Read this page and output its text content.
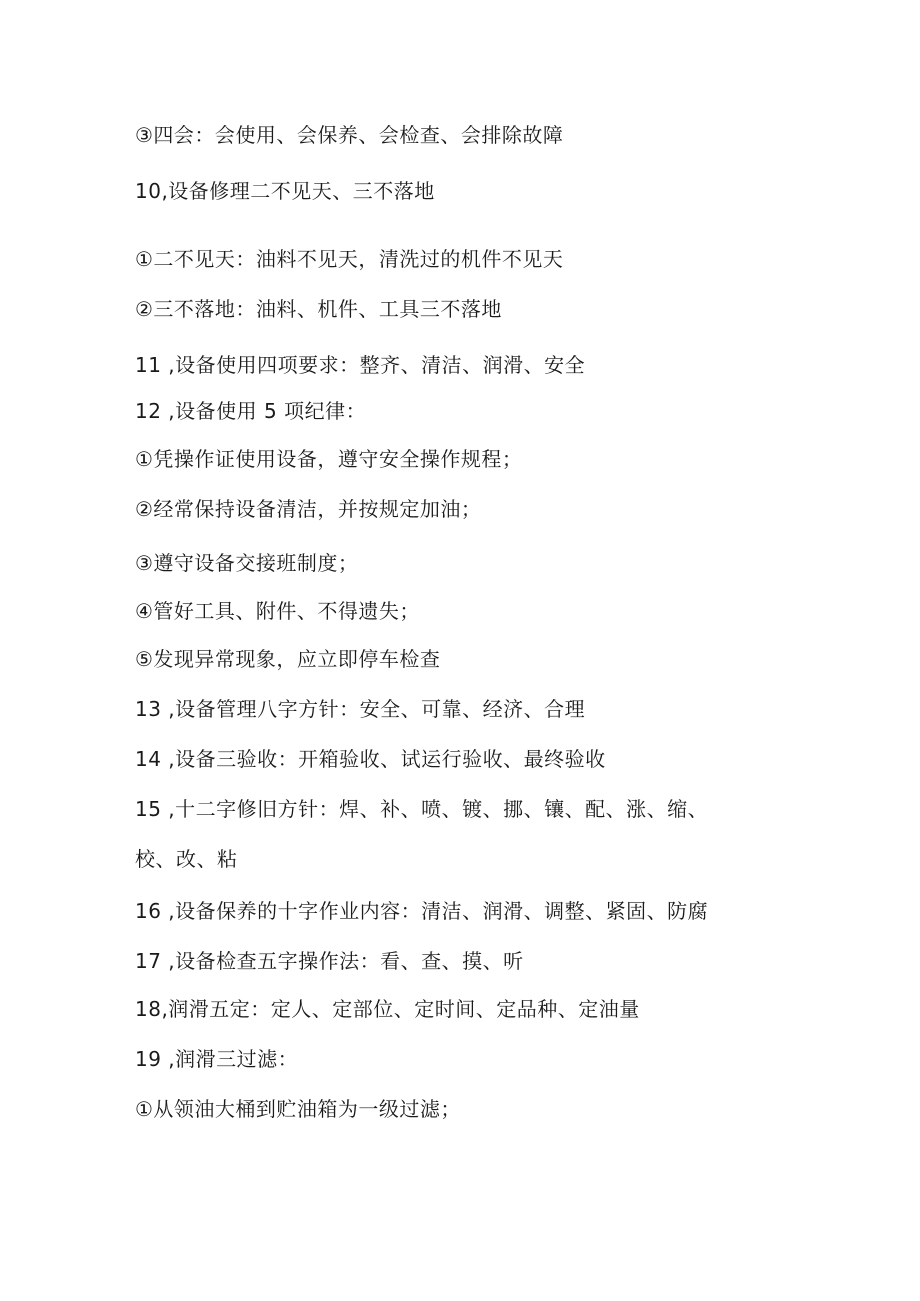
③四会：会使用、会保养、会检查、会排除故障
10,设备修理二不见天、三不落地
①二不见天：油料不见天，清洗过的机件不见天
②三不落地：油料、机件、工具三不落地
11 ,设备使用四项要求：整齐、清洁、润滑、安全
12 ,设备使用 5 项纪律：
①凭操作证使用设备，遵守安全操作规程；
②经常保持设备清洁，并按规定加油；
③遵守设备交接班制度；
④管好工具、附件、不得遗失；
⑤发现异常现象，应立即停车检查
13 ,设备管理八字方针：安全、可靠、经济、合理
14 ,设备三验收：开箱验收、试运行验收、最终验收
15 ,十二字修旧方针：焊、补、喷、镀、挪、镶、配、涨、缩、
校、改、粘
16 ,设备保养的十字作业内容：清洁、润滑、调整、紧固、防腐
17 ,设备检查五字操作法：看、查、摸、听
18,润滑五定：定人、定部位、定时间、定品种、定油量
19 ,润滑三过滤：
①从领油大桶到贮油箱为一级过滤；
